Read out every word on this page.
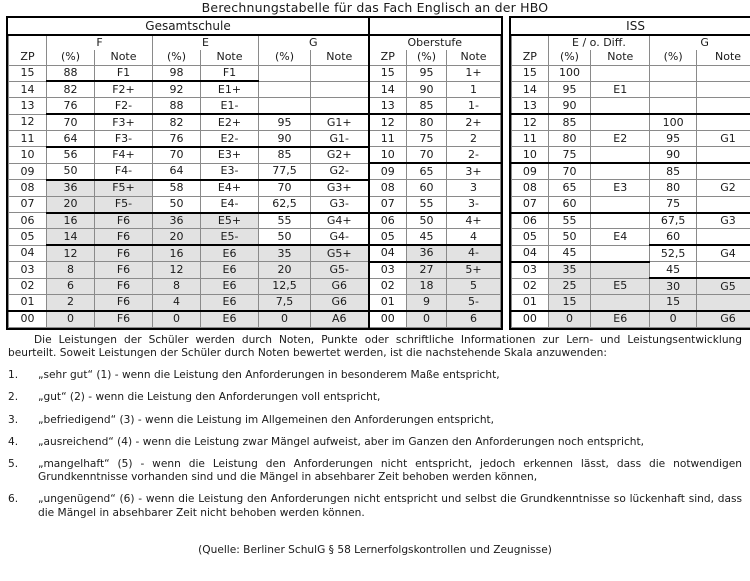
Berechnungstabelle für das Fach Englisch an der HBO
Gesamtschule									
	F		E		G		Oberstufe		
ZP	(%)	Note	(%)	Note	(%)	Note	ZP	(%)	Note
15	88	F1	98	F1			15	95	1+
14	82	F2+	92	E1+			14	90	1
13	76	F2-	88	E1-			13	85	1-
12	70	F3+	82	E2+	95	G1+	12	80	2+
11	64	F3-	76	E2-	90	G1-	11	75	2
10	56	F4+	70	E3+	85	G2+	10	70	2-
09	50	F4-	64	E3-	77,5	G2-	09	65	3+
08	36	F5+	58	E4+	70	G3+	08	60	3
07	20	F5-	50	E4-	62,5	G3-	07	55	3-
06	16	F6	36	E5+	55	G4+	06	50	4+
05	14	F6	20	E5-	50	G4-	05	45	4
04	12	F6	16	E6	35	G5+	04	36	4-
03	8	F6	12	E6	20	G5-	03	27	5+
02	6	F6	8	E6	12,5	G6	02	18	5
01	2	F6	4	E6	7,5	G6	01	9	5-
00	0	F6	0	E6	0	A6	00	0	6
ISS				
	E / o. Diff.		G	
ZP	(%)	Note	(%)	Note
15	100			
14	95	E1		
13	90			
12	85		100	
11	80	E2	95	G1
10	75		90	
09	70		85	
08	65	E3	80	G2
07	60		75	
06	55		67,5	G3
05	50	E4	60	
04	45		52,5	G4
03	35		45	
02	25	E5	30	G5
01	15		15	
00	0	E6	0	G6

Die Leistungen der Schüler werden durch Noten, Punkte oder schriftliche Informationen zur Lern- und Leistungsentwicklung beurteilt. Soweit Leistungen der Schüler durch Noten bewertet werden, ist die nachstehende Skala anzuwenden:

1.	„sehr gut“ (1) - wenn die Leistung den Anforderungen in besonderem Maße entspricht,
2.	„gut“ (2) - wenn die Leistung den Anforderungen voll entspricht,
3.	„befriedigend“ (3) - wenn die Leistung im Allgemeinen den Anforderungen entspricht,
4.	„ausreichend“ (4) - wenn die Leistung zwar Mängel aufweist, aber im Ganzen den Anforderungen noch entspricht,
5.	„mangelhaft“ (5) - wenn die Leistung den Anforderungen nicht entspricht, jedoch erkennen lässt, dass die notwendigen Grundkenntnisse vorhanden sind und die Mängel in absehbarer Zeit behoben werden können,
6.	„ungenügend“ (6) - wenn die Leistung den Anforderungen nicht entspricht und selbst die Grundkenntnisse so lückenhaft sind, dass die Mängel in absehbarer Zeit nicht behoben werden können.
(Quelle: Berliner SchulG § 58 Lernerfolgskontrollen und Zeugnisse)
